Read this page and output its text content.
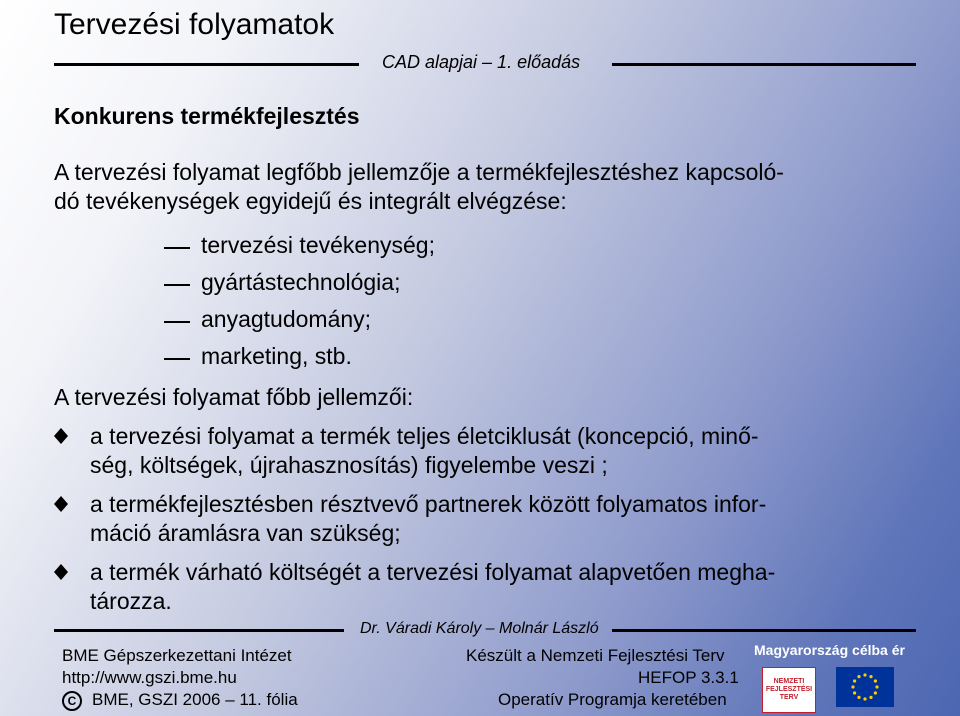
Tervezési folyamatok
CAD alapjai – 1. előadás
Konkurens termékfejlesztés
A tervezési folyamat legfőbb jellemzője a termékfejlesztéshez kapcsoló-
dó tevékenységek egyidejű és integrált elvégzése:
tervezési tevékenység;
gyártástechnológia;
anyagtudomány;
marketing, stb.
A tervezési folyamat főbb jellemzői:
a tervezési folyamat a termék teljes életciklusát (koncepció, minő-
ség, költségek, újrahasznosítás) figyelembe veszi ;
a termékfejlesztésben résztvevő partnerek között folyamatos infor-
máció áramlásra van szükség;
a termék várható költségét a tervezési folyamat alapvetően megha-
tározza.
Dr. Váradi Károly – Molnár László
BME Gépszerkezettani Intézet
http://www.gszi.bme.hu
C BME, GSZI 2006 – 11. fólia
Készült a Nemzeti Fejlesztési Terv
HEFOP 3.3.1
Operatív Programja keretében
Magyarország célba ér
NEMZETI FEJLESZTÉSI TERV
